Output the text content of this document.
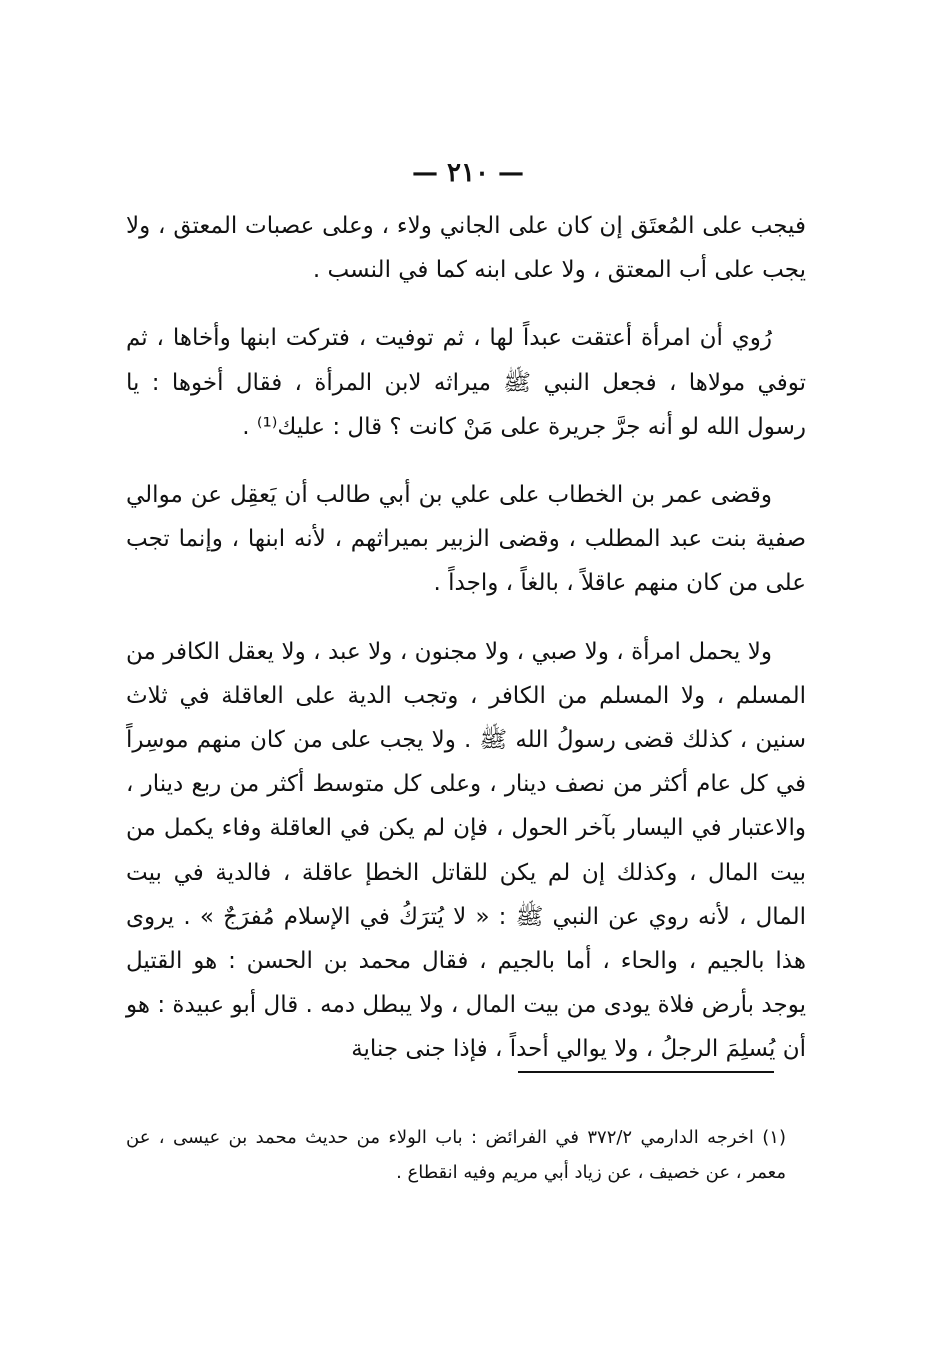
— ٢١٠ —

فيجب على المُعتَق إن كان على الجاني ولاء ، وعلى عصبات المعتق ، ولا يجب على أب المعتق ، ولا على ابنه كما في النسب .

رُوي أن امرأة أعتقت عبداً لها ، ثم توفيت ، فتركت ابنها وأخاها ، ثم توفي مولاها ، فجعل النبي ﷺ ميراثه لابن المرأة ، فقال أخوها : يا رسول الله لو أنه جرَّ جريرة على مَنْ كانت ؟ قال : عليك⁽¹⁾ .

وقضى عمر بن الخطاب على علي بن أبي طالب أن يَعقِل عن موالي صفية بنت عبد المطلب ، وقضى الزبير بميراثهم ، لأنه ابنها ، وإنما تجب على من كان منهم عاقلاً ، بالغاً ، واجداً .

ولا يحمل امرأة ، ولا صبي ، ولا مجنون ، ولا عبد ، ولا يعقل الكافر من المسلم ، ولا المسلم من الكافر ، وتجب الدية على العاقلة في ثلاث سنين ، كذلك قضى رسولُ الله ﷺ . ولا يجب على من كان منهم موسِراً في كل عام أكثر من نصف دينار ، وعلى كل متوسط أكثر من ربع دينار ، والاعتبار في اليسار بآخر الحول ، فإن لم يكن في العاقلة وفاء يكمل من بيت المال ، وكذلك إن لم يكن للقاتل الخطإ عاقلة ، فالدية في بيت المال ، لأنه روي عن النبي ﷺ : « لا يُترَكُ في الإسلام مُفرَجٌ » . يروى هذا بالجيم ، والحاء ، أما بالجيم ، فقال محمد بن الحسن : هو القتيل يوجد بأرض فلاة يودى من بيت المال ، ولا يبطل دمه . قال أبو عبيدة : هو أن يُسلِمَ الرجلُ ، ولا يوالي أحداً ، فإذا جنى جناية

(١) اخرجه الدارمي ٣٧٢/٢ في الفرائض : باب الولاء من حديث محمد بن عيسى ، عن معمر ، عن خصيف ، عن زياد أبي مريم وفيه انقطاع .
